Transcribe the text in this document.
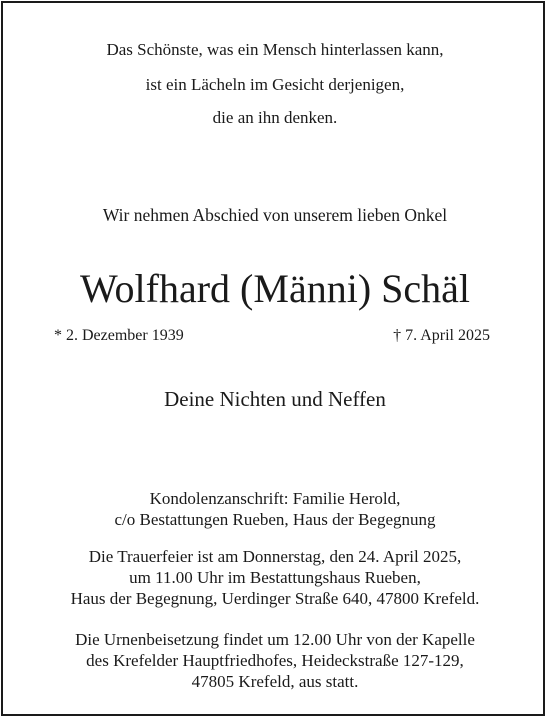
Das Schönste, was ein Mensch hinterlassen kann,
ist ein Lächeln im Gesicht derjenigen,
die an ihn denken.
Wir nehmen Abschied von unserem lieben Onkel
Wolfhard (Männi) Schäl
* 2. Dezember 1939	† 7. April 2025
Deine Nichten und Neffen
Kondolenzanschrift: Familie Herold,
c/o Bestattungen Rueben, Haus der Begegnung
Die Trauerfeier ist am Donnerstag, den 24. April 2025,
um 11.00 Uhr im Bestattungshaus Rueben,
Haus der Begegnung, Uerdinger Straße 640, 47800 Krefeld.
Die Urnenbeisetzung findet um 12.00 Uhr von der Kapelle
des Krefelder Hauptfriedhofes, Heideckstraße 127-129,
47805 Krefeld, aus statt.
